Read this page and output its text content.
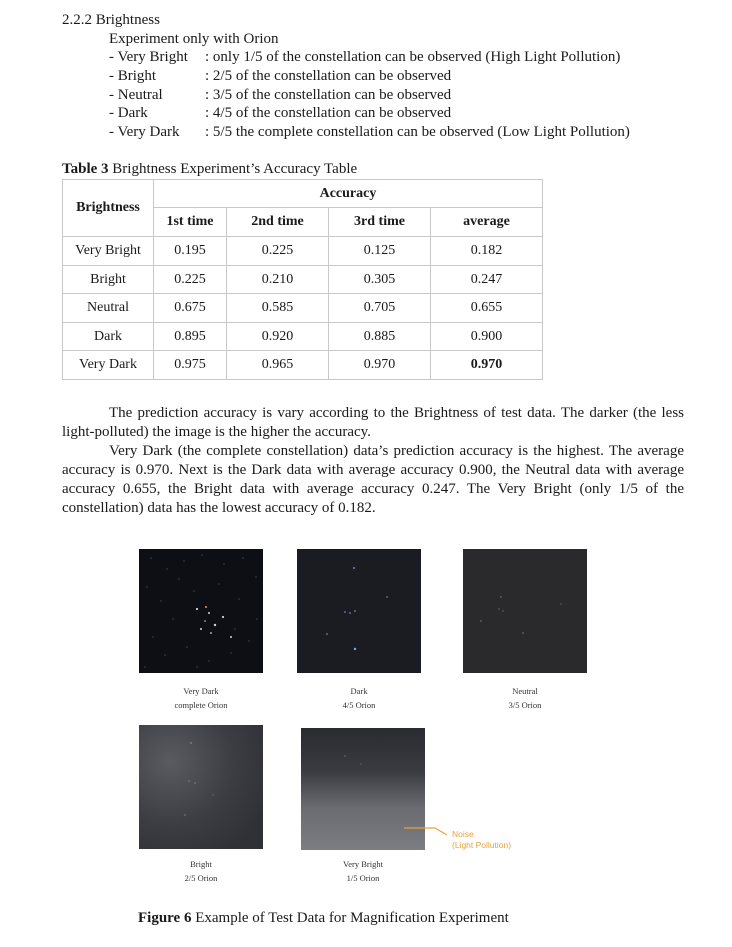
2.2.2 Brightness
Experiment only with Orion
- Very Bright : only 1/5 of the constellation can be observed (High Light Pollution)
- Bright	: 2/5 of the constellation can be observed
- Neutral	: 3/5 of the constellation can be observed
- Dark	: 4/5 of the constellation can be observed
- Very Dark : 5/5 the complete constellation can be observed (Low Light Pollution)
Table 3 Brightness Experiment’s Accuracy Table
Brightness	Accuracy			
	1st time	2nd time	3rd time	average
Very Bright	0.195	0.225	0.125	0.182
Bright	0.225	0.210	0.305	0.247
Neutral	0.675	0.585	0.705	0.655
Dark	0.895	0.920	0.885	0.900
Very Dark	0.975	0.965	0.970	0.970
The prediction accuracy is vary according to the Brightness of test data. The darker (the less light-polluted) the image is the higher the accuracy.
Very Dark (the complete constellation) data’s prediction accuracy is the highest. The average accuracy is 0.970. Next is the Dark data with average accuracy 0.900, the Neutral data with average accuracy 0.655, the Bright data with average accuracy 0.247. The Very Bright (only 1/5 of the constellation) data has the lowest accuracy of 0.182.
Noise
(Light Pollution)
Very Dark
complete Orion
Dark
4/5 Orion
Neutral
3/5 Orion
Bright
2/5 Orion
Very Bright
1/5 Orion
Figure 6 Example of Test Data for Magnification Experiment
